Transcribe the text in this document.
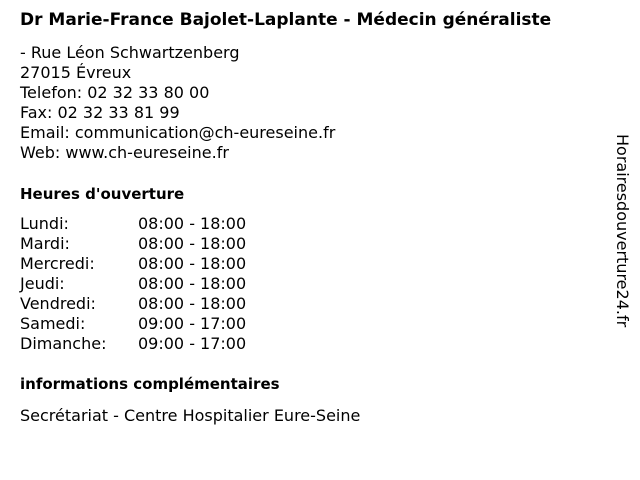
Dr Marie-France Bajolet-Laplante - Médecin généraliste
- Rue Léon Schwartzenberg
27015 Évreux
Telefon: 02 32 33 80 00
Fax: 02 32 33 81 99
Email: communication@ch-eureseine.fr
Web: www.ch-eureseine.fr
Heures d'ouverture
Lundi:	08:00 - 18:00
Mardi:	08:00 - 18:00
Mercredi:	08:00 - 18:00
Jeudi:	08:00 - 18:00
Vendredi:	08:00 - 18:00
Samedi:	09:00 - 17:00
Dimanche:	09:00 - 17:00
informations complémentaires
Secrétariat - Centre Hospitalier Eure-Seine
Horairesdouverture24.fr
